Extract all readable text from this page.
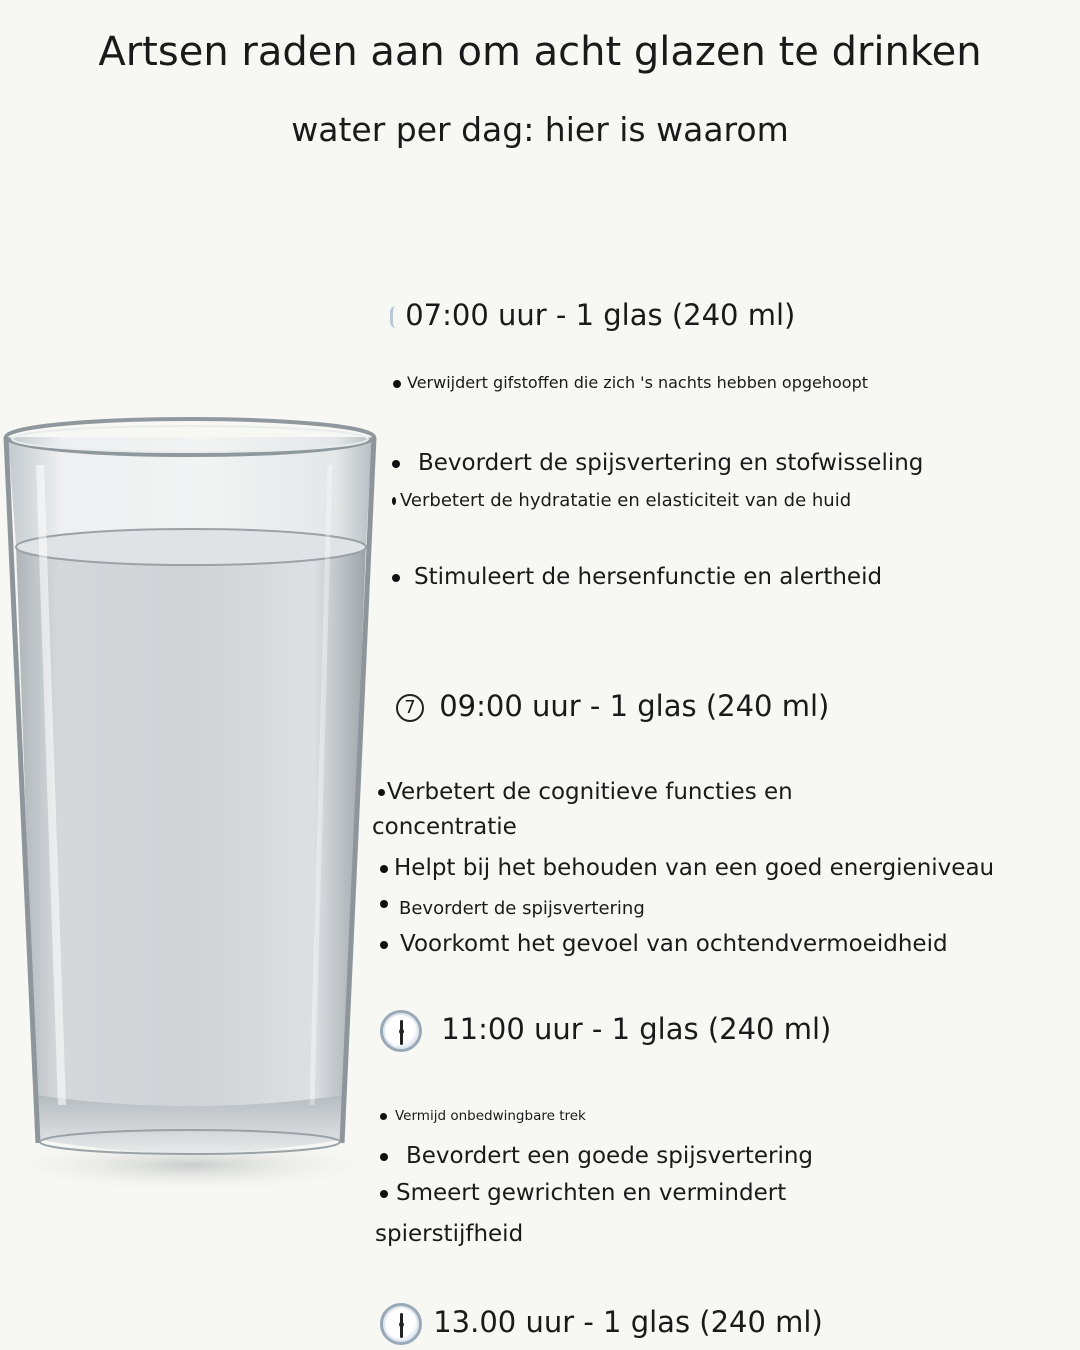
Artsen raden aan om acht glazen te drinken
water per dag: hier is waarom
07:00 uur - 1 glas (240 ml)
Verwijdert gifstoffen die zich 's nachts hebben opgehoopt
Bevordert de spijsvertering en stofwisseling
Verbetert de hydratatie en elasticiteit van de huid
Stimuleert de hersenfunctie en alertheid
7 09:00 uur - 1 glas (240 ml)
Verbetert de cognitieve functies en
concentratie
Helpt bij het behouden van een goed energieniveau
Bevordert de spijsvertering
Voorkomt het gevoel van ochtendvermoeidheid
11:00 uur - 1 glas (240 ml)
Vermijd onbedwingbare trek
Bevordert een goede spijsvertering
Smeert gewrichten en vermindert
spierstijfheid
13.00 uur - 1 glas (240 ml)
